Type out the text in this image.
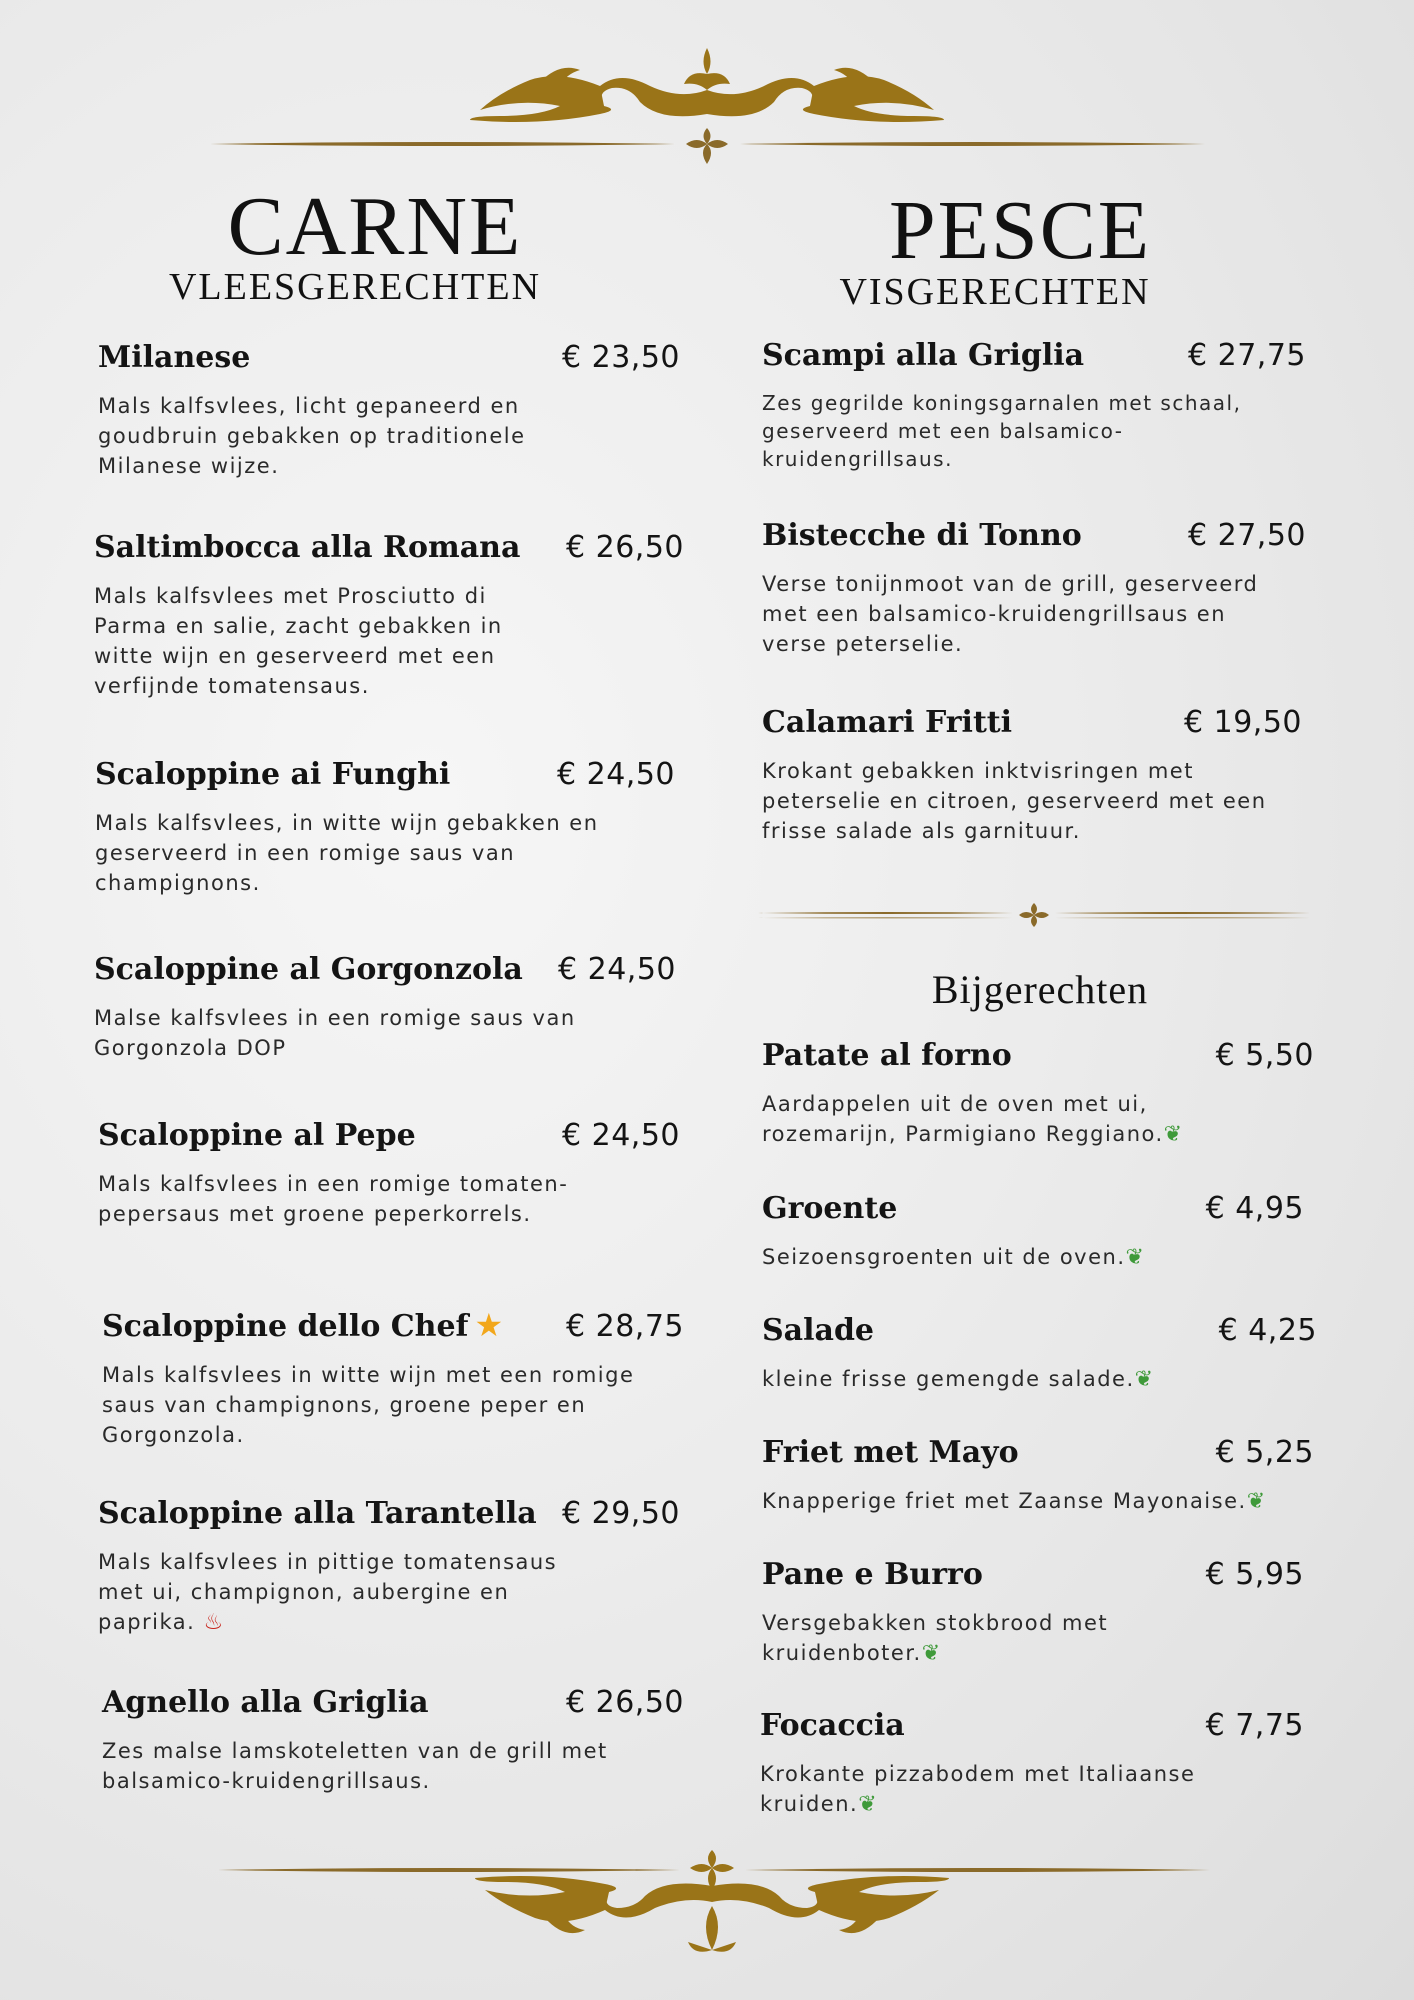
CARNE
VLEESGERECHTEN
Milanese	€ 23,50
Mals kalfsvlees, licht gepaneerd en goudbruin gebakken op traditionele Milanese wijze.
Saltimbocca alla Romana € 26,50
Mals kalfsvlees met Prosciutto di Parma en salie, zacht gebakken in witte wijn en geserveerd met een verfijnde tomatensaus.
Scaloppine ai Funghi	€ 24,50
Mals kalfsvlees, in witte wijn gebakken en geserveerd in een romige saus van champignons.
Scaloppine al Gorgonzola € 24,50
Malse kalfsvlees in een romige saus van Gorgonzola DOP
Scaloppine al Pepe	€ 24,50
Mals kalfsvlees in een romige tomaten-pepersaus met groene peperkorrels.
Scaloppine dello Chef ★ € 28,75
Mals kalfsvlees in witte wijn met een romige saus van champignons, groene peper en Gorgonzola.
Scaloppine alla Tarantella € 29,50
Mals kalfsvlees in pittige tomatensaus met ui, champignon, aubergine en paprika. ♨
Agnello alla Griglia	€ 26,50
Zes malse lamskoteletten van de grill met balsamico-kruidengrillsaus.
PESCE
VISGERECHTEN
Scampi alla Griglia	€ 27,75
Zes gegrilde koningsgarnalen met schaal, geserveerd met een balsamico-kruidengrillsaus.
Bistecche di Tonno	€ 27,50
Verse tonijnmoot van de grill, geserveerd met een balsamico-kruidengrillsaus en verse peterselie.
Calamari Fritti	€ 19,50
Krokant gebakken inktvisringen met peterselie en citroen, geserveerd met een frisse salade als garnituur.
Bijgerechten
Patate al forno	€ 5,50
Aardappelen uit de oven met ui, rozemarijn, Parmigiano Reggiano.❦
Groente	€ 4,95
Seizoensgroenten uit de oven.❦
Salade	€ 4,25
kleine frisse gemengde salade.❦
Friet met Mayo	€ 5,25
Knapperige friet met Zaanse Mayonaise.❦
Pane e Burro	€ 5,95
Versgebakken stokbrood met kruidenboter.❦
Focaccia	€ 7,75
Krokante pizzabodem met Italiaanse kruiden.❦
